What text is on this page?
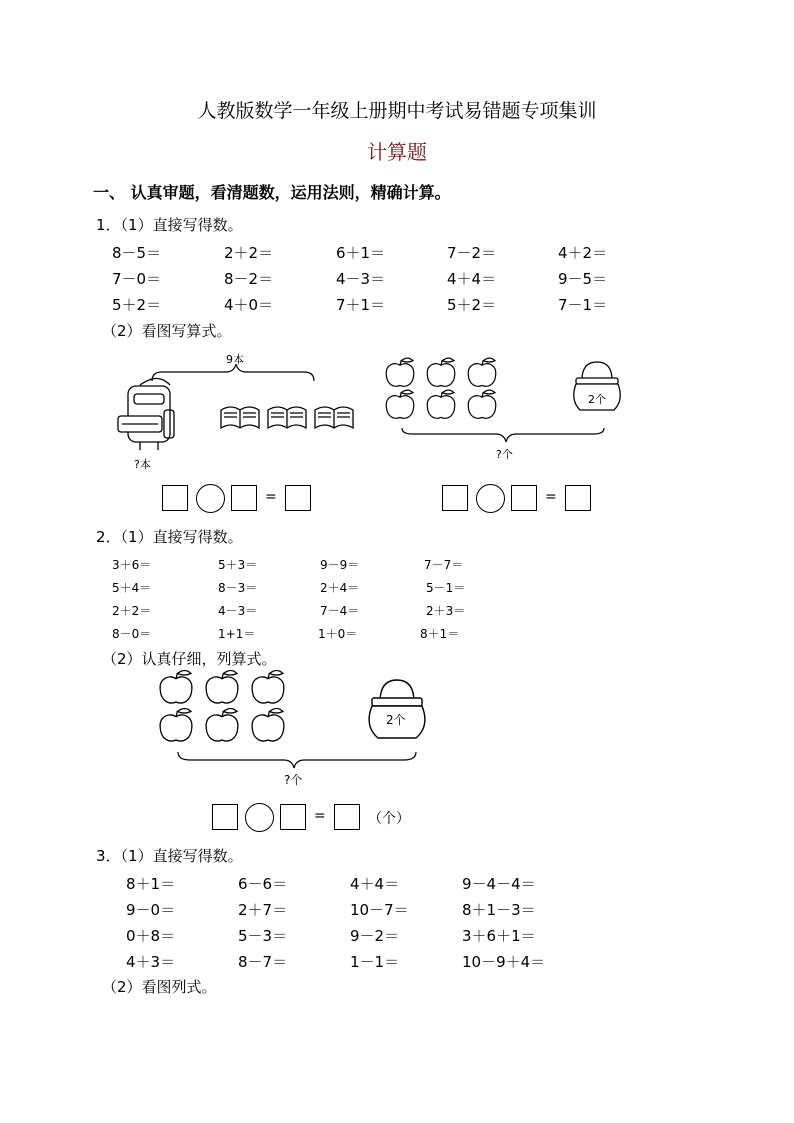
人教版数学一年级上册期中考试易错题专项集训
计算题
一、 认真审题，看清题数，运用法则，精确计算。
1．（1）直接写得数。
8－5＝	2＋2＝	6＋1＝	7－2＝	4＋2＝
7－0＝	8－2＝	4－3＝	4＋4＝	9－5＝
5＋2＝	4＋0＝	7＋1＝	5＋2＝	7－1＝
（2）看图写算式。
9本
?本
2个
?个
=	=
2．（1）直接写得数。
3＋6＝	5＋3＝	9－9＝	7－7＝
5＋4＝	8－3＝	2＋4＝	5－1＝
2＋2＝	4－3＝	7－4＝	2＋3＝
8－0＝	1+1＝	1＋0＝	8＋1＝
（2）认真仔细，列算式。
2个
?个
=	（个）
3．（1）直接写得数。
8＋1＝	6－6＝	4＋4＝	9－4－4＝
9－0＝	2＋7＝	10－7＝	8＋1－3＝
0＋8＝	5－3＝	9－2＝	3＋6＋1＝
4＋3＝	8－7＝	1－1＝	10－9＋4＝
（2）看图列式。
